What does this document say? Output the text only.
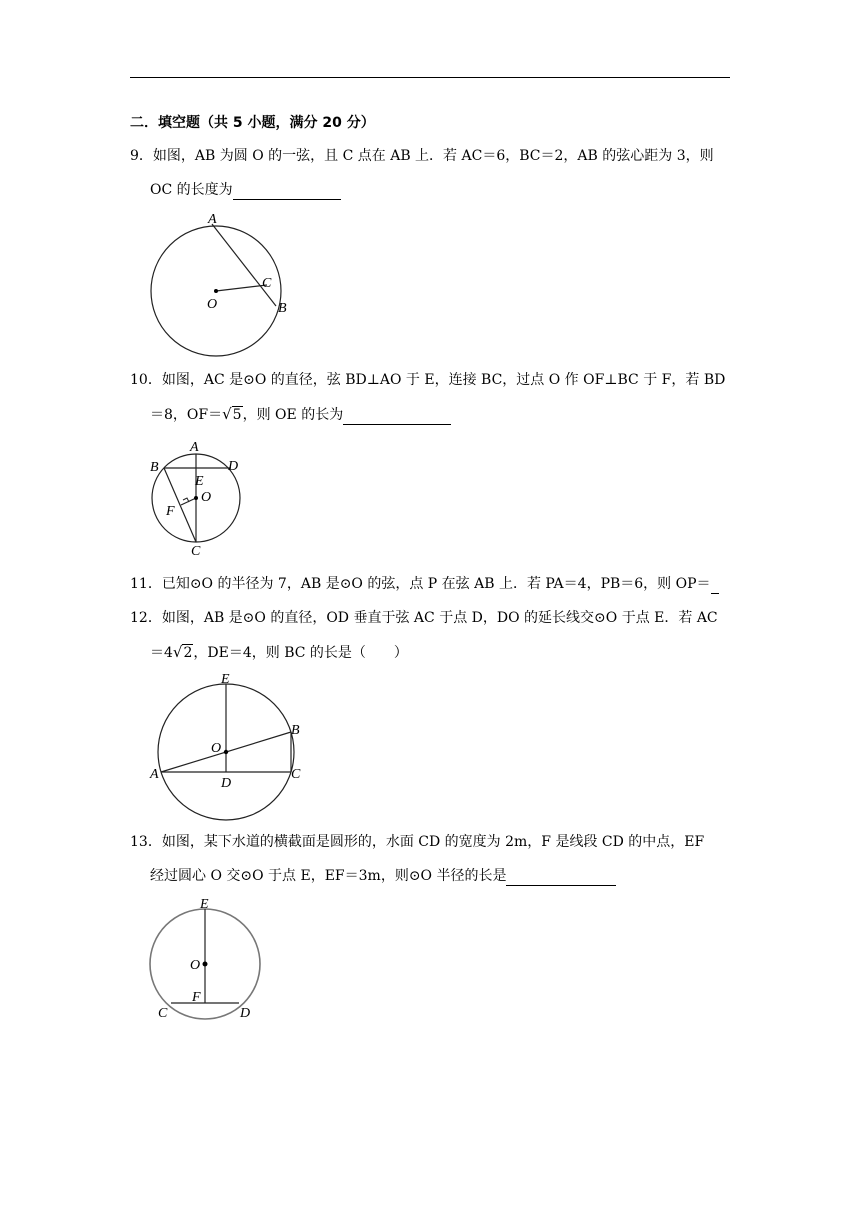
二．填空题（共 5 小题，满分 20 分）
9．如图，AB 为圆 O 的一弦，且 C 点在 AB 上．若 AC＝6，BC＝2，AB 的弦心距为 3，则
OC 的长度为
A
B
C
O
10．如图，AC 是⊙O 的直径，弦 BD⊥AO 于 E，连接 BC，过点 O 作 OF⊥BC 于 F，若 BD
＝8，OF＝√5，则 OE 的长为
A
B
C
D
E
F
O
11．已知⊙O 的半径为 7，AB 是⊙O 的弦，点 P 在弦 AB 上．若 PA＝4，PB＝6，则 OP＝
12．如图，AB 是⊙O 的直径，OD 垂直于弦 AC 于点 D，DO 的延长线交⊙O 于点 E．若 AC
＝4√2，DE＝4，则 BC 的长是（　　）
E
B
O
A
D
C
13．如图，某下水道的横截面是圆形的，水面 CD 的宽度为 2m，F 是线段 CD 的中点，EF
经过圆心 O 交⊙O 于点 E，EF＝3m，则⊙O 半径的长是
E
O
F
C	D
